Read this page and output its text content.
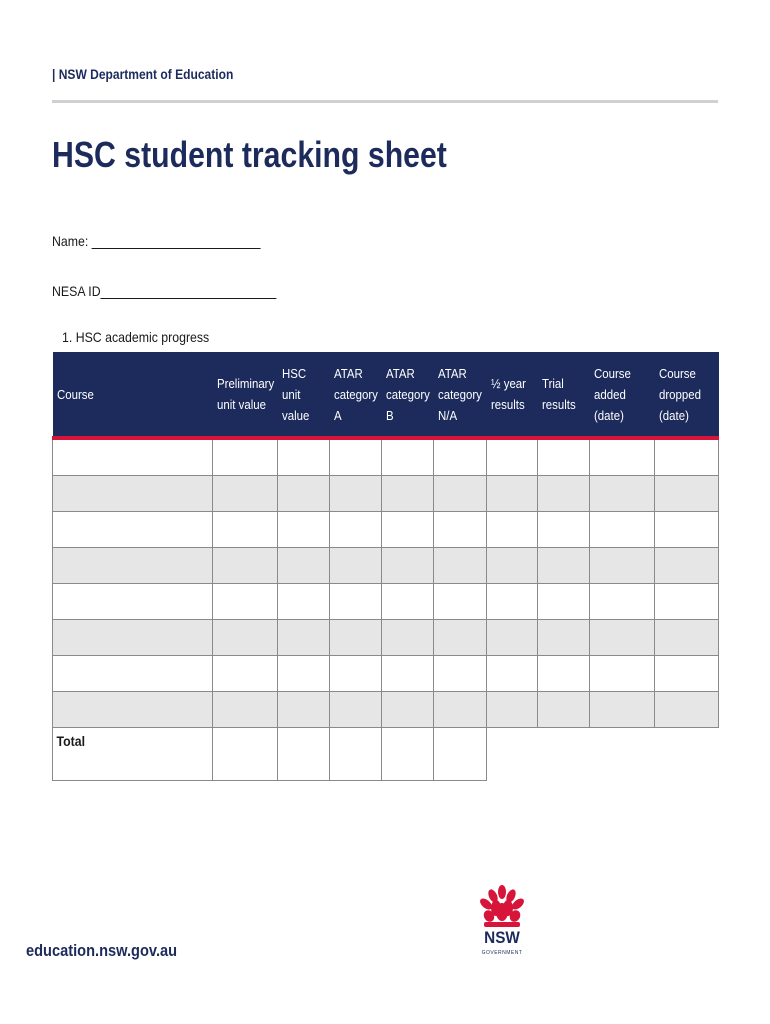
| NSW Department of Education
HSC student tracking sheet
Name:
NESA ID
1. HSC academic progress
Course	Preliminary unit value	HSC unit value	ATAR category A	ATAR category B	ATAR category N/A	½ year results	Trial results	Course added (date)	Course dropped (date)

Total									
education.nsw.gov.au
NSW
GOVERNMENT
